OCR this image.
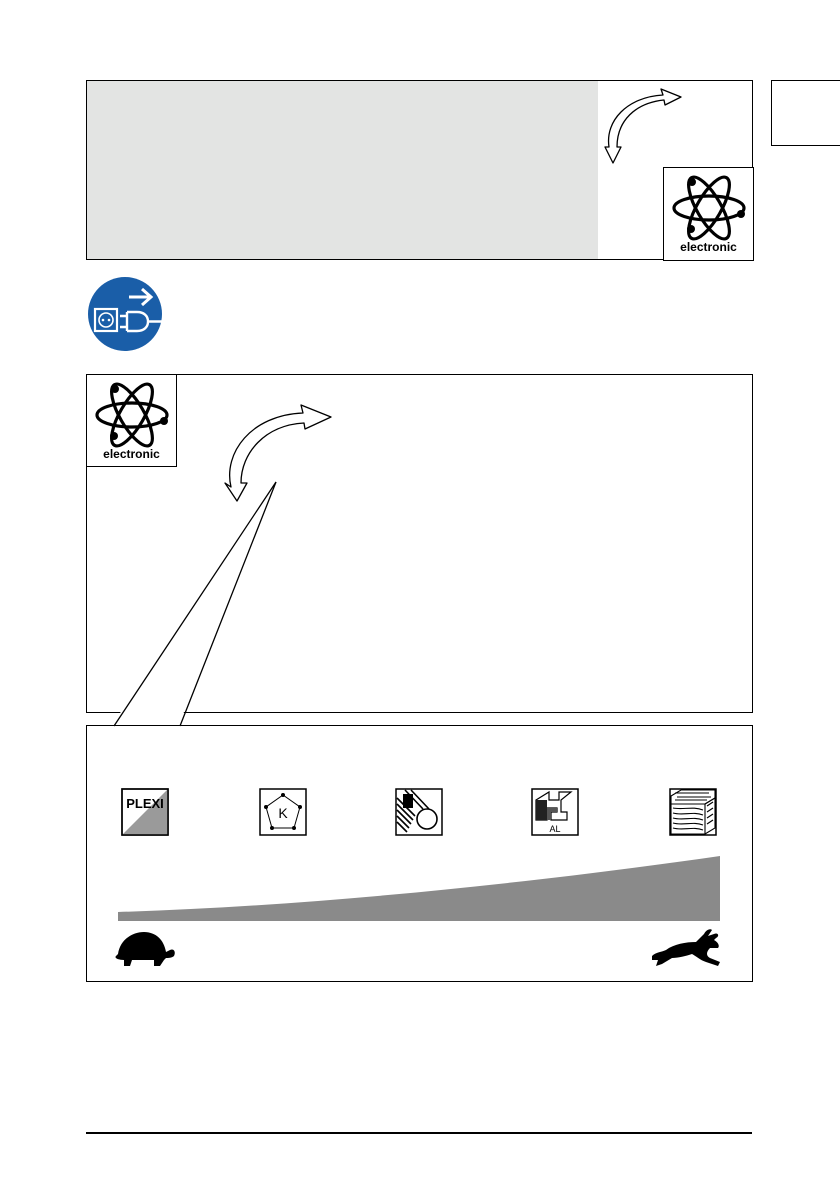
electronic
electronic
PLEXI
K
AL
